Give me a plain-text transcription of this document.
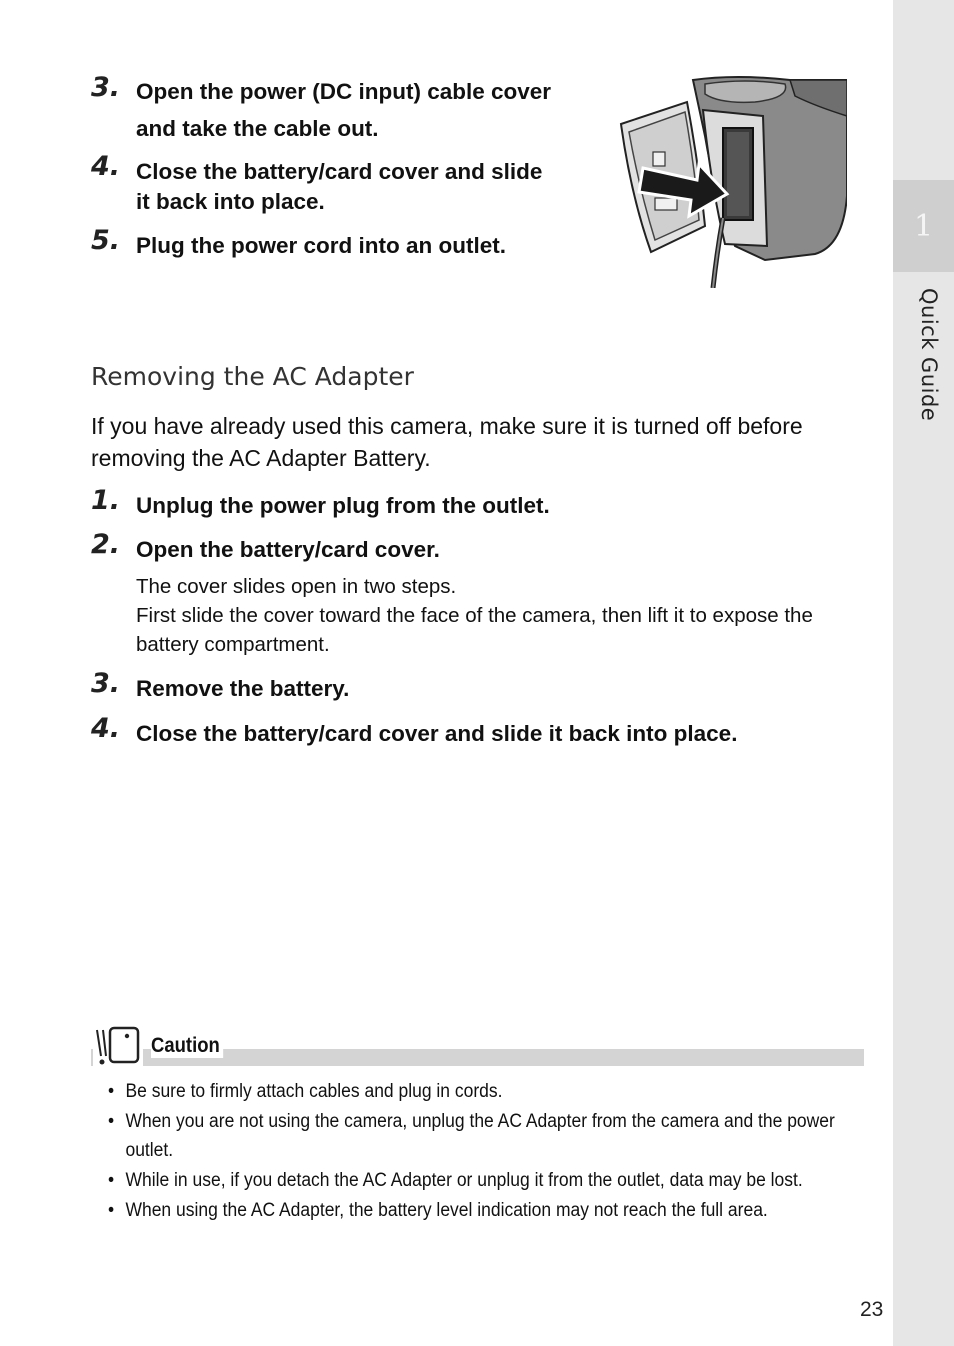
1
Quick Guide
3. Open the power (DC input) cable cover and take the cable out.
4. Close the battery/card cover and slide it back into place.
5. Plug the power cord into an outlet.
Removing the AC Adapter
If you have already used this camera, make sure it is turned off before removing the AC Adapter Battery.
1. Unplug the power plug from the outlet.
2. Open the battery/card cover.
The cover slides open in two steps.
First slide the cover toward the face of the camera, then lift it to expose the battery compartment.
3. Remove the battery.
4. Close the battery/card cover and slide it back into place.
Caution
• Be sure to firmly attach cables and plug in cords.
• When you are not using the camera, unplug the AC Adapter from the camera and the power outlet.
• While in use, if you detach the AC Adapter or unplug it from the outlet, data may be lost.
• When using the AC Adapter, the battery level indication may not reach the full area.
23
